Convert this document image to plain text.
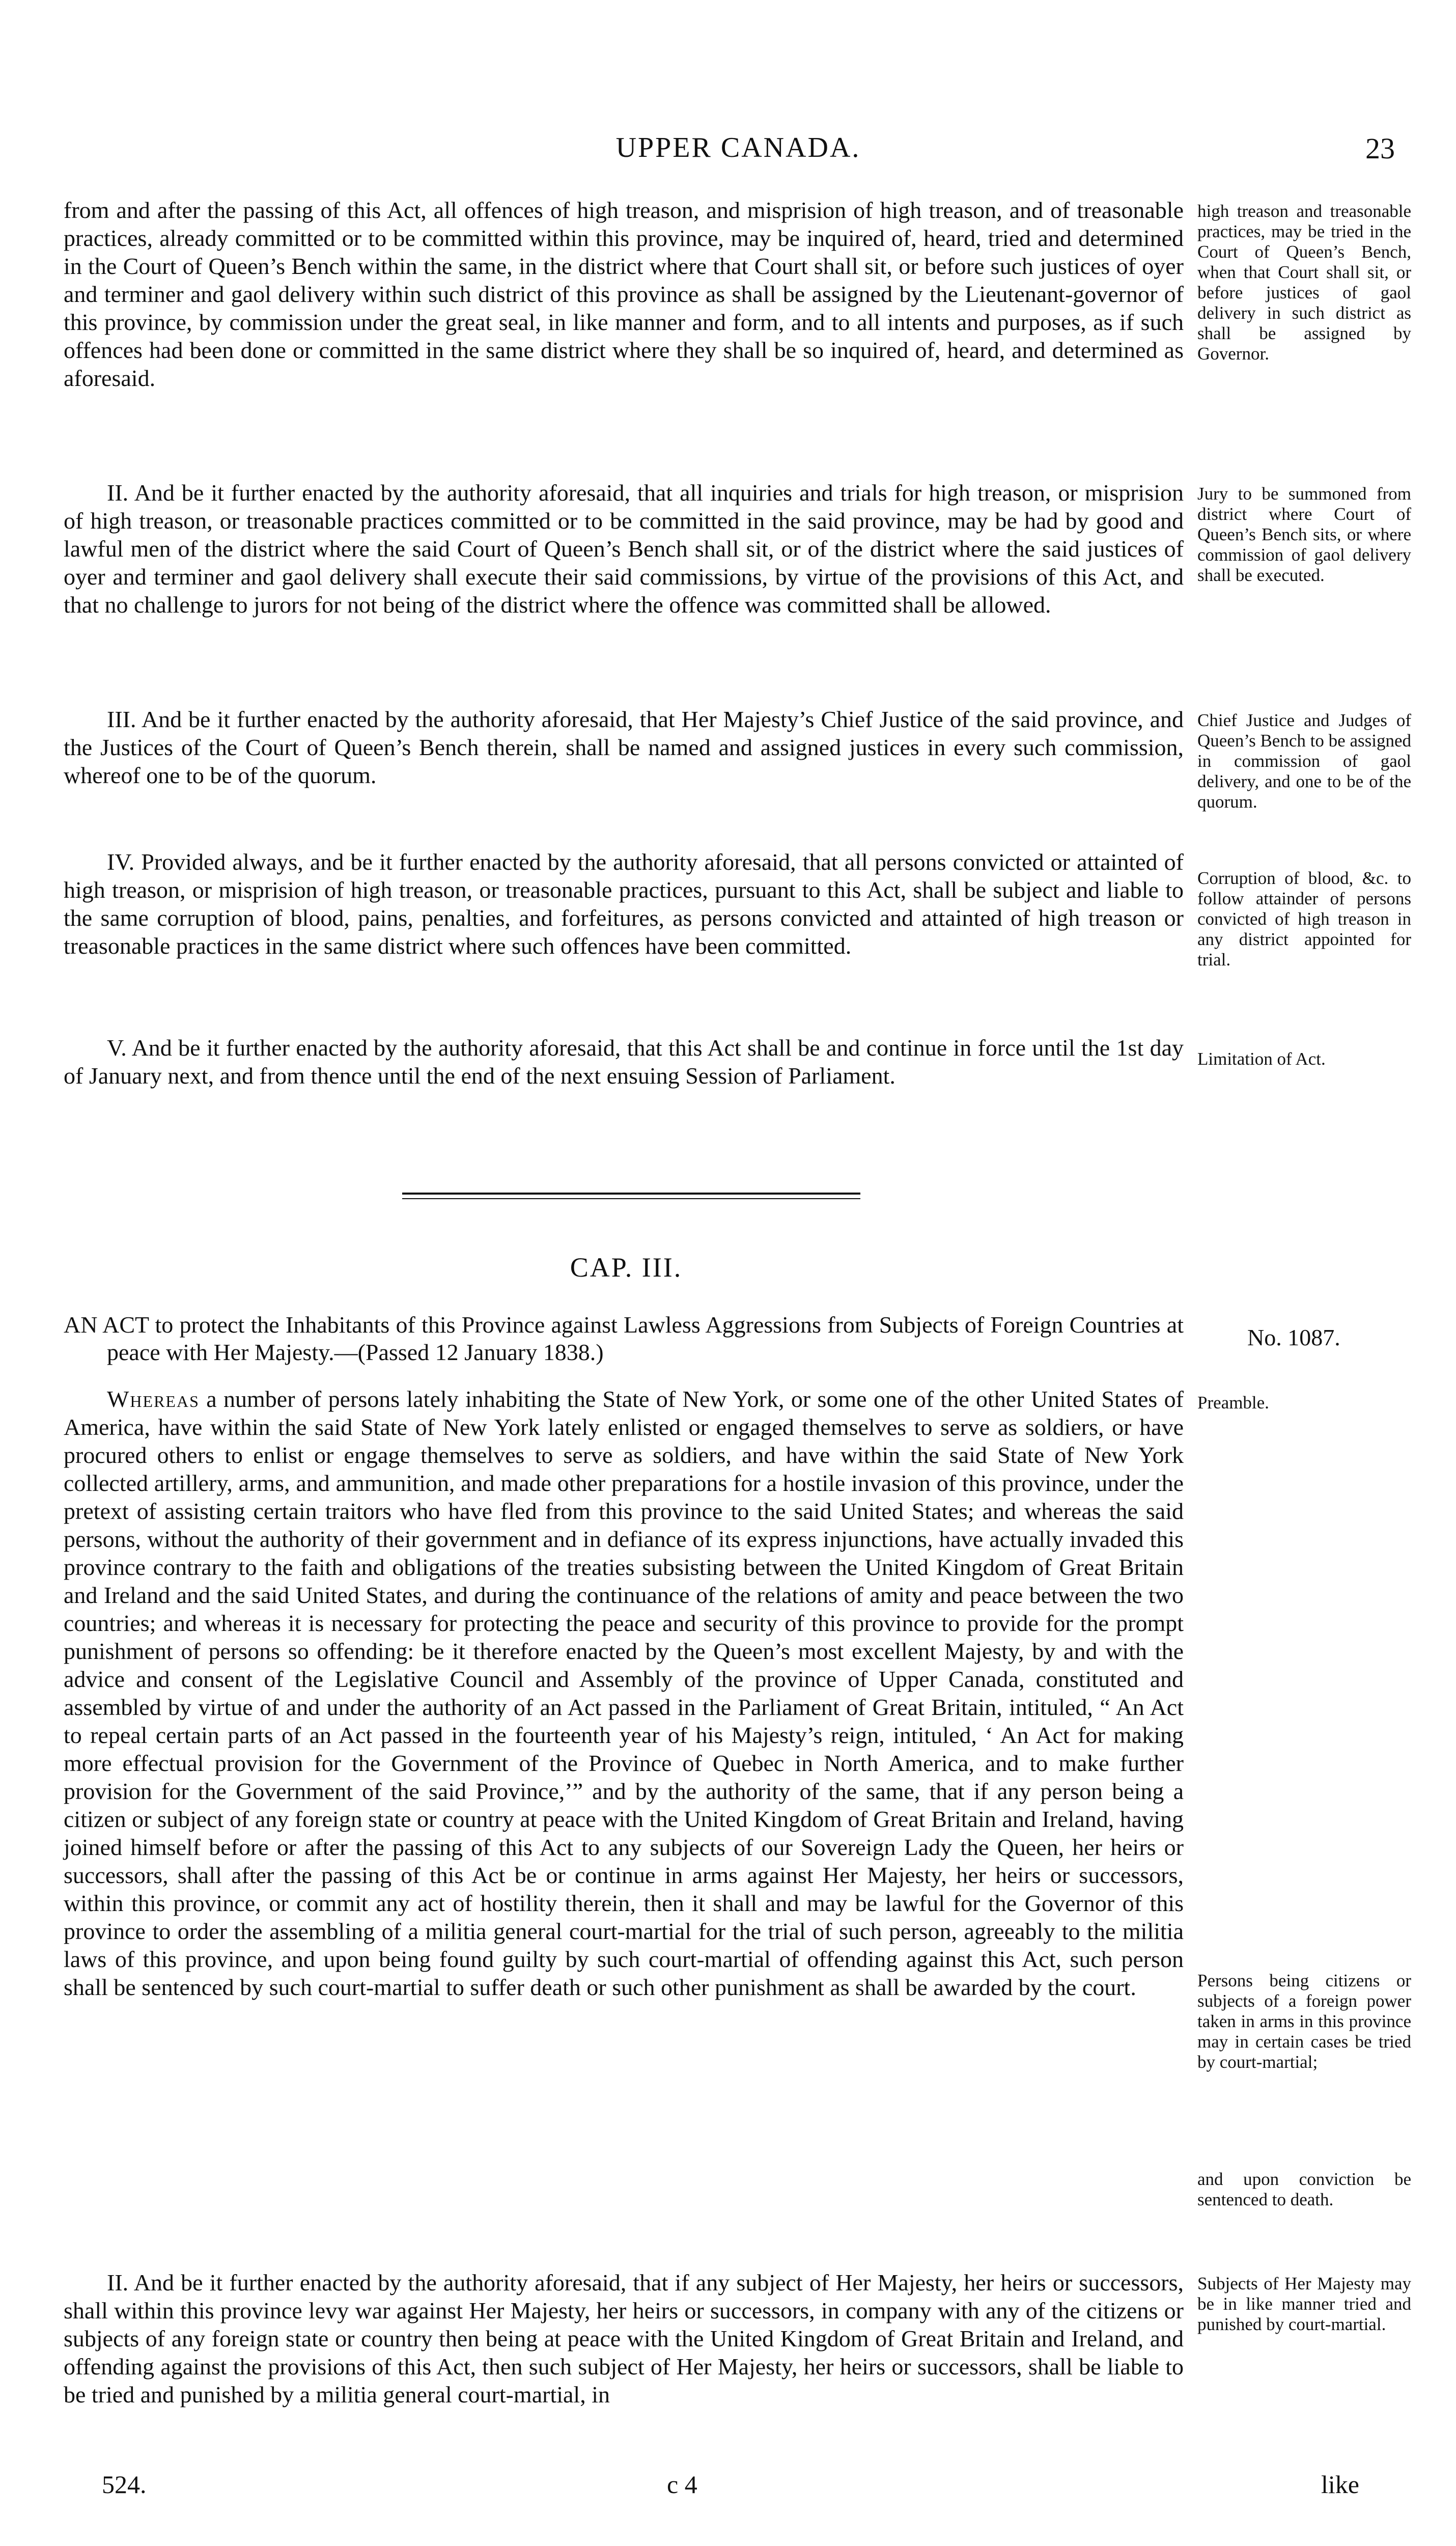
UPPER CANADA.	23

from and after the passing of this Act, all offences of high treason, and misprision of high treason, and of treasonable practices, already committed or to be committed within this province, may be inquired of, heard, tried and determined in the Court of Queen’s Bench within the same, in the district where that Court shall sit, or before such justices of oyer and terminer and gaol delivery within such district of this province as shall be assigned by the Lieutenant-governor of this province, by commission under the great seal, in like manner and form, and to all intents and purposes, as if such offences had been done or committed in the same district where they shall be so inquired of, heard, and determined as aforesaid.

II. And be it further enacted by the authority aforesaid, that all inquiries and trials for high treason, or misprision of high treason, or treasonable practices committed or to be committed in the said province, may be had by good and lawful men of the district where the said Court of Queen’s Bench shall sit, or of the district where the said justices of oyer and terminer and gaol delivery shall execute their said commissions, by virtue of the provisions of this Act, and that no challenge to jurors for not being of the district where the offence was committed shall be allowed.

III. And be it further enacted by the authority aforesaid, that Her Majesty’s Chief Justice of the said province, and the Justices of the Court of Queen’s Bench therein, shall be named and assigned justices in every such commission, whereof one to be of the quorum.

IV. Provided always, and be it further enacted by the authority aforesaid, that all persons convicted or attainted of high treason, or misprision of high treason, or treasonable practices, pursuant to this Act, shall be subject and liable to the same corruption of blood, pains, penalties, and forfeitures, as persons convicted and attainted of high treason or treasonable practices in the same district where such offences have been committed.

V. And be it further enacted by the authority aforesaid, that this Act shall be and continue in force until the 1st day of January next, and from thence until the end of the next ensuing Session of Parliament.

high treason and treasonable practices, may be tried in the Court of Queen’s Bench, when that Court shall sit, or before justices of gaol delivery in such district as shall be assigned by Governor.

Jury to be summoned from district where Court of Queen’s Bench sits, or where commission of gaol delivery shall be executed.

Chief Justice and Judges of Queen’s Bench to be assigned in commission of gaol delivery, and one to be of the quorum.

Corruption of blood, &c. to follow attainder of persons convicted of high treason in any district appointed for trial.

Limitation of Act.

CAP. III.

AN ACT to protect the Inhabitants of this Province against Lawless Aggressions from Subjects of Foreign Countries at peace with Her Majesty.—(Passed 12 January 1838.)

No. 1087.

Whereas a number of persons lately inhabiting the State of New York, or some one of the other United States of America, have within the said State of New York lately enlisted or engaged themselves to serve as soldiers, or have procured others to enlist or engage themselves to serve as soldiers, and have within the said State of New York collected artillery, arms, and ammunition, and made other preparations for a hostile invasion of this province, under the pretext of assisting certain traitors who have fled from this province to the said United States; and whereas the said persons, without the authority of their government and in defiance of its express injunctions, have actually invaded this province contrary to the faith and obligations of the treaties subsisting between the United Kingdom of Great Britain and Ireland and the said United States, and during the continuance of the relations of amity and peace between the two countries; and whereas it is necessary for protecting the peace and security of this province to provide for the prompt punishment of persons so offending: be it therefore enacted by the Queen’s most excellent Majesty, by and with the advice and consent of the Legislative Council and Assembly of the province of Upper Canada, constituted and assembled by virtue of and under the authority of an Act passed in the Parliament of Great Britain, intituled, “ An Act to repeal certain parts of an Act passed in the fourteenth year of his Majesty’s reign, intituled, ‘ An Act for making more effectual provision for the Government of the Province of Quebec in North America, and to make further provision for the Government of the said Province,’” and by the authority of the same, that if any person being a citizen or subject of any foreign state or country at peace with the United Kingdom of Great Britain and Ireland, having joined himself before or after the passing of this Act to any subjects of our Sovereign Lady the Queen, her heirs or successors, shall after the passing of this Act be or continue in arms against Her Majesty, her heirs or successors, within this province, or commit any act of hostility therein, then it shall and may be lawful for the Governor of this province to order the assembling of a militia general court-martial for the trial of such person, agreeably to the militia laws of this province, and upon being found guilty by such court-martial of offending against this Act, such person shall be sentenced by such court-martial to suffer death or such other punishment as shall be awarded by the court.

II. And be it further enacted by the authority aforesaid, that if any subject of Her Majesty, her heirs or successors, shall within this province levy war against Her Majesty, her heirs or successors, in company with any of the citizens or subjects of any foreign state or country then being at peace with the United Kingdom of Great Britain and Ireland, and offending against the provisions of this Act, then such subject of Her Majesty, her heirs or successors, shall be liable to be tried and punished by a militia general court-martial, in

Preamble.

Persons being citizens or subjects of a foreign power taken in arms in this province may in certain cases be tried by court-martial;

and upon conviction be sentenced to death.

Subjects of Her Majesty may be in like manner tried and punished by court-martial.

524.	c 4	like
